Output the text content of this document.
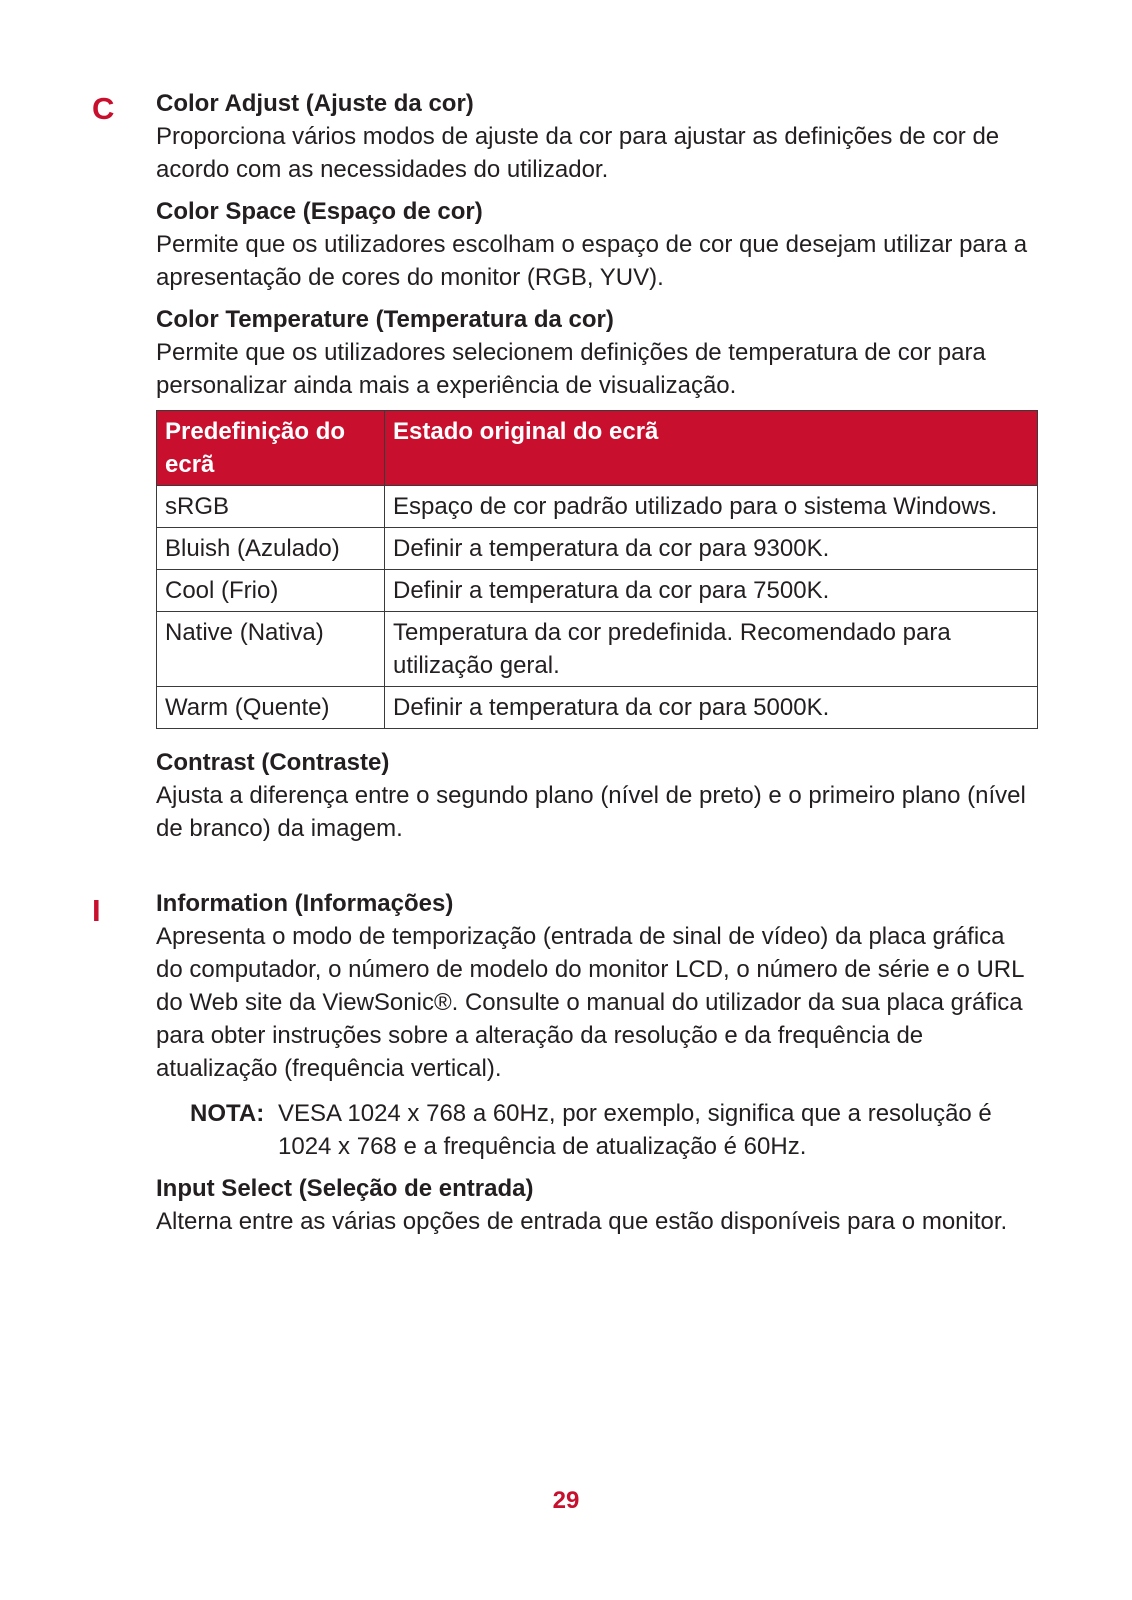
C Color Adjust (Ajuste da cor)

Proporciona vários modos de ajuste da cor para ajustar as definições de cor de acordo com as necessidades do utilizador.

Color Space (Espaço de cor)

Permite que os utilizadores escolham o espaço de cor que desejam utilizar para a apresentação de cores do monitor (RGB, YUV).

Color Temperature (Temperatura da cor)

Permite que os utilizadores selecionem definições de temperatura de cor para personalizar ainda mais a experiência de visualização.

Predefinição do ecrã	Estado original do ecrã
sRGB	Espaço de cor padrão utilizado para o sistema Windows.
Bluish (Azulado)	Definir a temperatura da cor para 9300K.
Cool (Frio)	Definir a temperatura da cor para 7500K.
Native (Nativa)	Temperatura da cor predefinida. Recomendado para utilização geral.
Warm (Quente)	Definir a temperatura da cor para 5000K.

Contrast (Contraste)

Ajusta a diferença entre o segundo plano (nível de preto) e o primeiro plano (nível de branco) da imagem.

I Information (Informações)

Apresenta o modo de temporização (entrada de sinal de vídeo) da placa gráfica do computador, o número de modelo do monitor LCD, o número de série e o URL do Web site da ViewSonic®. Consulte o manual do utilizador da sua placa gráfica para obter instruções sobre a alteração da resolução e da frequência de atualização (frequência vertical).

NOTA: VESA 1024 x 768 a 60Hz, por exemplo, significa que a resolução é 1024 x 768 e a frequência de atualização é 60Hz.

Input Select (Seleção de entrada)

Alterna entre as várias opções de entrada que estão disponíveis para o monitor.

29
